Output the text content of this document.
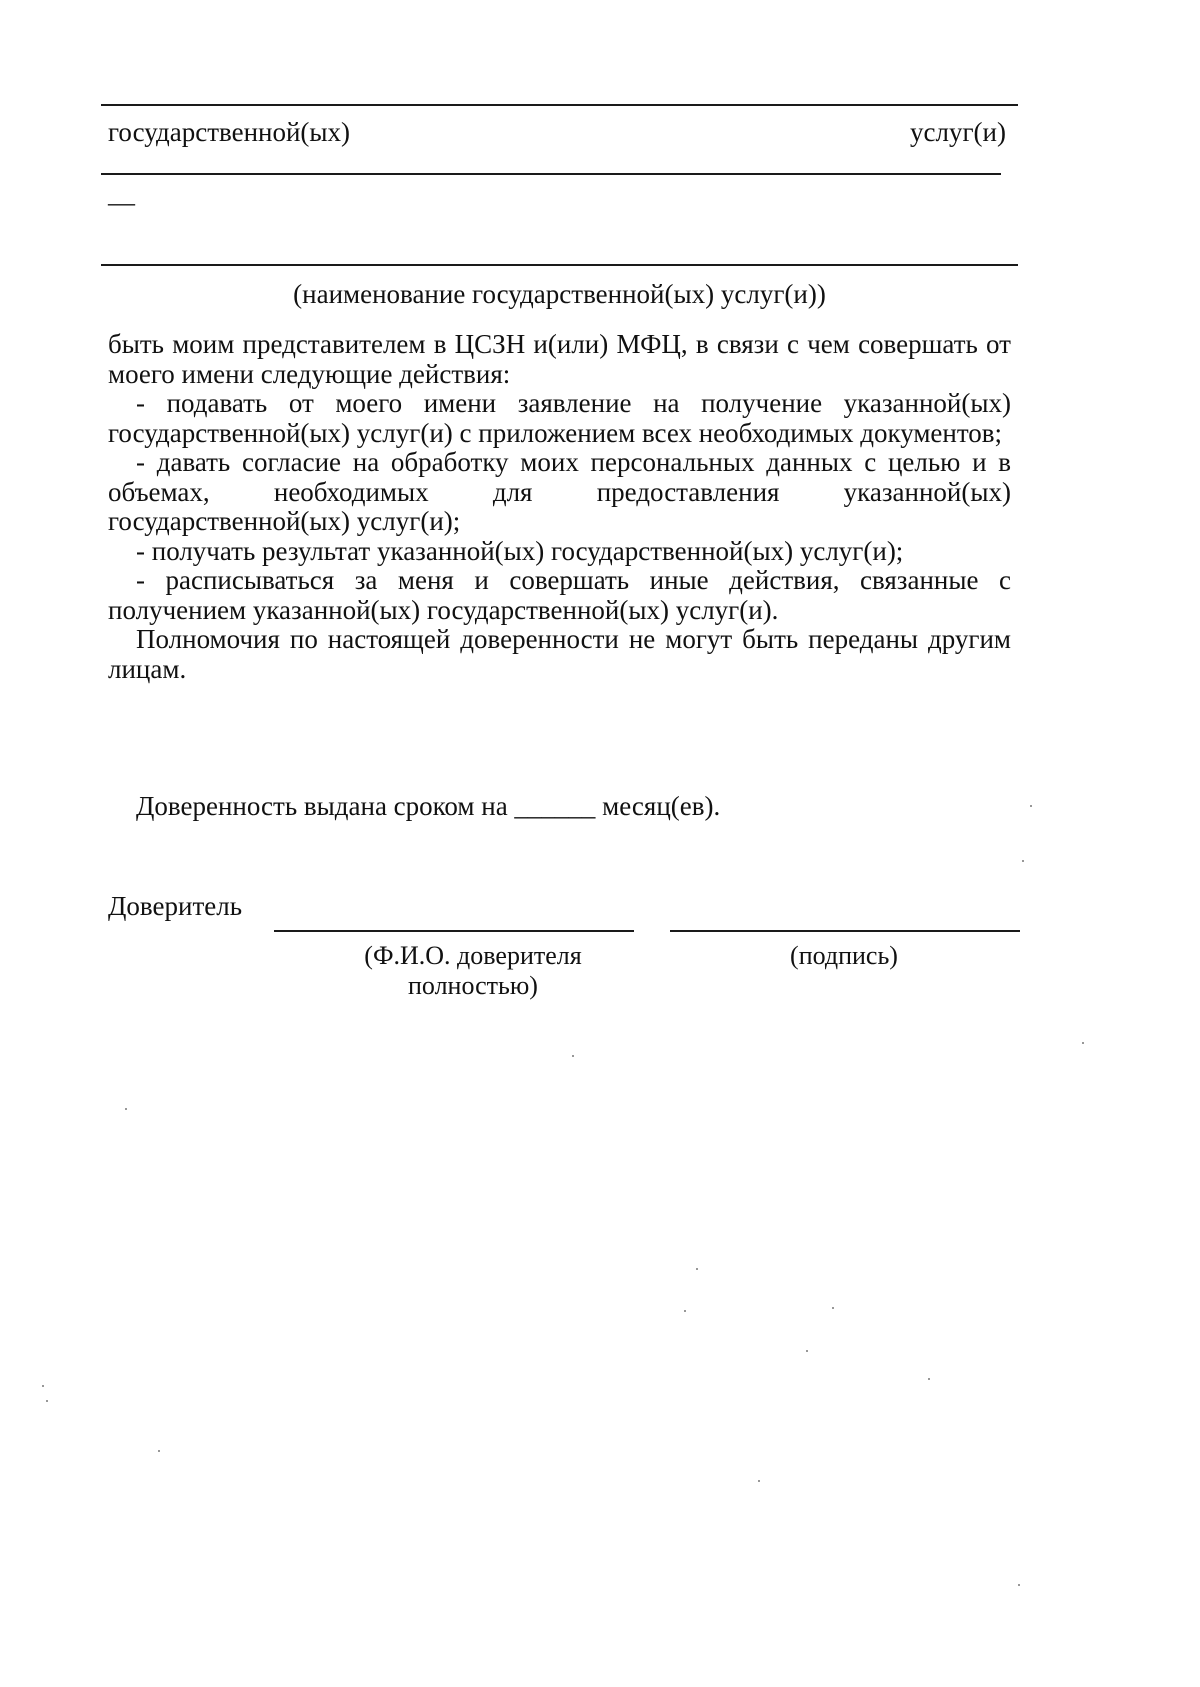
государственной(ых)	услуг(и)
—
(наименование государственной(ых) услуг(и))

быть моим представителем в ЦСЗН и(или) МФЦ, в связи с чем совершать от моего имени следующие действия:

- подавать от моего имени заявление на получение указанной(ых) государственной(ых) услуг(и) с приложением всех необходимых документов;

- давать согласие на обработку моих персональных данных с целью и в объемах, необходимых для предоставления указанной(ых) государственной(ых) услуг(и);

- получать результат указанной(ых) государственной(ых) услуг(и);

- расписываться за меня и совершать иные действия, связанные с получением указанной(ых) государственной(ых) услуг(и).

Полномочия по настоящей доверенности не могут быть переданы другим лицам.

Доверенность выдана сроком на ______ месяц(ев).
Доверитель
(Ф.И.О. доверителя полностью)
(подпись)
